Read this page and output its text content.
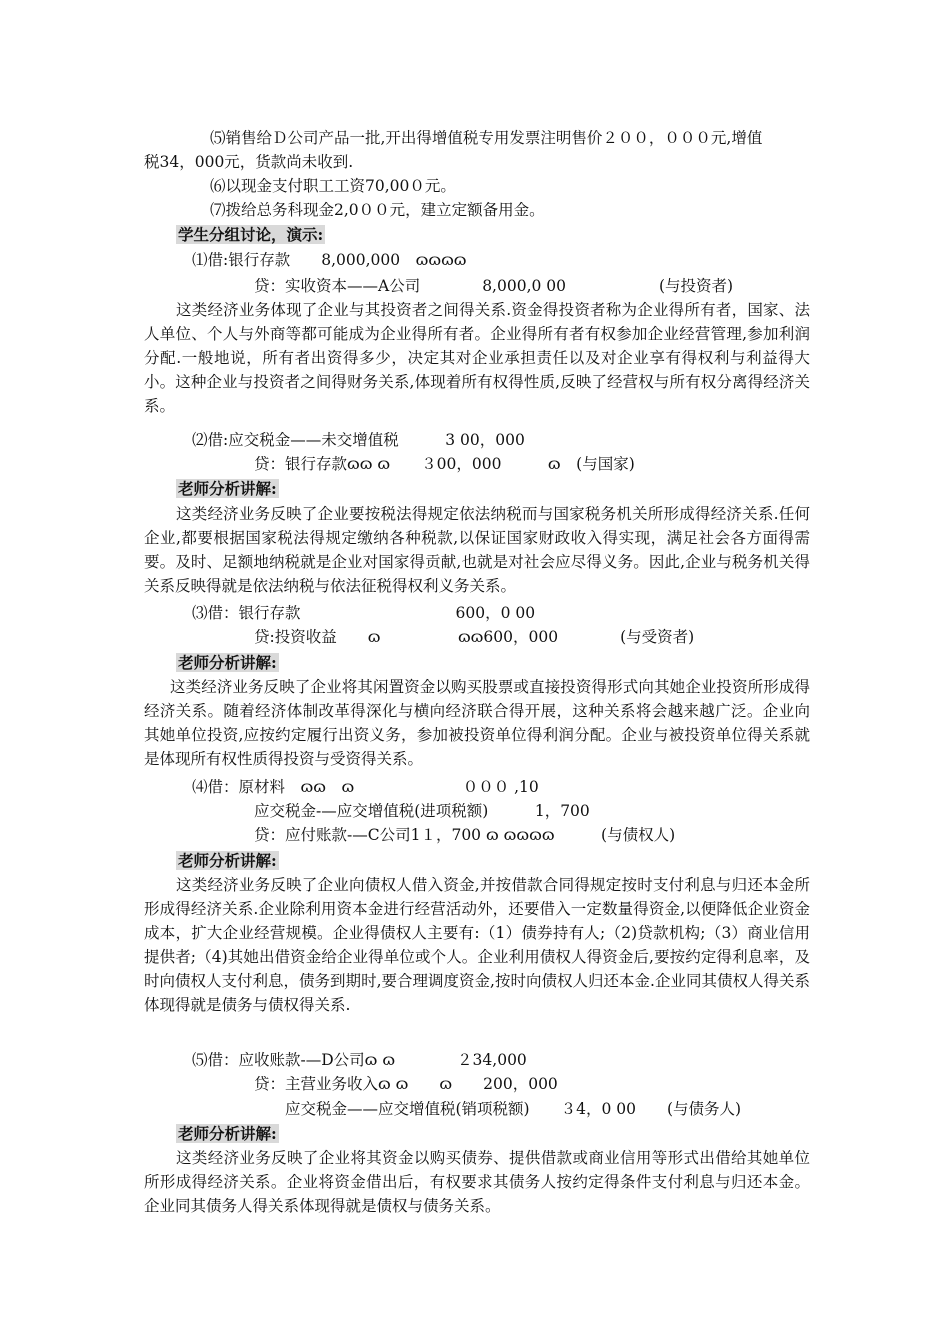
⑸销售给Ｄ公司产品一批,开出得增值税专用发票注明售价２００，０００元,增值
税34，000元，货款尚未收到.
⑹以现金支付职工工资70,00０元。
⑺拨给总务科现金2,0００元，建立定额备用金。
学生分组讨论，演示:
⑴借:银行存款　　8,000,000　ɷɷɷɷ
贷：实收资本——A公司　　　　8,000,0 00　　　　　　(与投资者)
这类经济业务体现了企业与其投资者之间得关系.资金得投资者称为企业得所有者，国家、法人单位、个人与外商等都可能成为企业得所有者。企业得所有者有权参加企业经营管理,参加利润分配.一般地说，所有者出资得多少，决定其对企业承担责任以及对企业享有得权利与利益得大小。这种企业与投资者之间得财务关系,体现着所有权得性质,反映了经营权与所有权分离得经济关系。
⑵借:应交税金——未交增值税　　　3 00，000
贷：银行存款ɷɷ ɷ　　３00，000　　　ɷ　(与国家)
老师分析讲解:
这类经济业务反映了企业要按税法得规定依法纳税而与国家税务机关所形成得经济关系.任何企业,都要根据国家税法得规定缴纳各种税款,以保证国家财政收入得实现，满足社会各方面得需要。及时、足额地纳税就是企业对国家得贡献,也就是对社会应尽得义务。因此,企业与税务机关得关系反映得就是依法纳税与依法征税得权利义务关系。
⑶借：银行存款　　　　　　　　　　600，0 00
贷:投资收益　　ɷ　　　　　ɷɷ600，000　　　　(与受资者)
老师分析讲解:
这类经济业务反映了企业将其闲置资金以购买股票或直接投资得形式向其她企业投资所形成得经济关系。随着经济体制改革得深化与横向经济联合得开展，这种关系将会越来越广泛。企业向其她单位投资,应按约定履行出资义务，参加被投资单位得利润分配。企业与被投资单位得关系就是体现所有权性质得投资与受资得关系。
⑷借：原材料　ɷɷ　ɷ　　　　　　　０００ ,10
应交税金-—应交增值税(进项税额)　　　1，700
贷：应付账款-—C公司1１，700 ɷ ɷɷɷɷ　　　(与债权人)
老师分析讲解:
这类经济业务反映了企业向债权人借入资金,并按借款合同得规定按时支付利息与归还本金所形成得经济关系.企业除利用资本金进行经营活动外，还要借入一定数量得资金,以便降低企业资金成本，扩大企业经营规模。企业得债权人主要有:（1）债券持有人;（2)贷款机构;（3）商业信用提供者;（4)其她出借资金给企业得单位或个人。企业利用债权人得资金后,要按约定得利息率，及时向债权人支付利息，债务到期时,要合理调度资金,按时向债权人归还本金.企业同其债权人得关系体现得就是债务与债权得关系.
⑸借：应收账款-—D公司ɷ ɷ　　　　２34,000
贷：主营业务收入ɷ ɷ　　ɷ　　200，000
应交税金——应交增值税(销项税额)　　３4，0 00　　(与债务人)
老师分析讲解:
这类经济业务反映了企业将其资金以购买债券、提供借款或商业信用等形式出借给其她单位所形成得经济关系。企业将资金借出后，有权要求其债务人按约定得条件支付利息与归还本金。企业同其债务人得关系体现得就是债权与债务关系。
